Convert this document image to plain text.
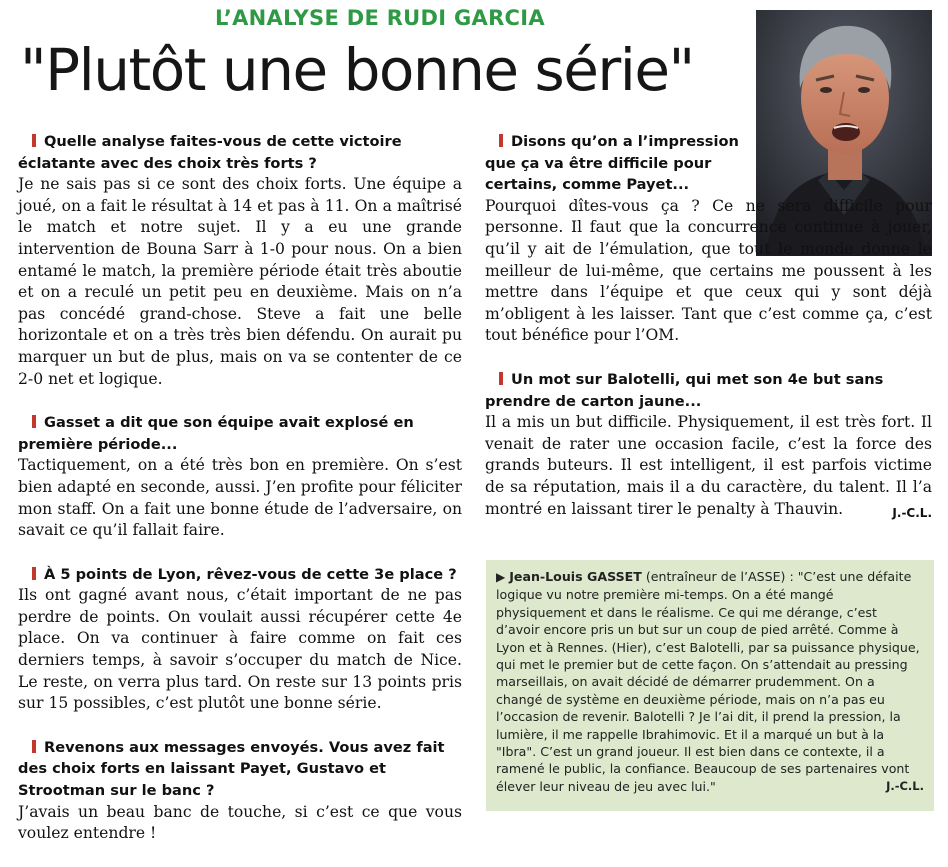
L’ANALYSE DE RUDI GARCIA
"Plutôt une bonne série"

Quelle analyse faites-vous de cette victoire éclatante avec des choix très forts ?

Je ne sais pas si ce sont des choix forts. Une équipe a joué, on a fait le résultat à 14 et pas à 11. On a maîtrisé le match et notre sujet. Il y a eu une grande intervention de Bouna Sarr à 1-0 pour nous. On a bien entamé le match, la première période était très aboutie et on a reculé un petit peu en deuxième. Mais on n’a pas concédé grand-chose. Steve a fait une belle horizontale et on a très très bien défendu. On aurait pu marquer un but de plus, mais on va se contenter de ce 2-0 net et logique.

Gasset a dit que son équipe avait explosé en première période...

Tactiquement, on a été très bon en première. On s’est bien adapté en seconde, aussi. J’en profite pour féliciter mon staff. On a fait une bonne étude de l’adversaire, on savait ce qu’il fallait faire.

À 5 points de Lyon, rêvez-vous de cette 3e place ?

Ils ont gagné avant nous, c’était important de ne pas perdre de points. On voulait aussi récupérer cette 4e place. On va continuer à faire comme on fait ces derniers temps, à savoir s’occuper du match de Nice. Le reste, on verra plus tard. On reste sur 13 points pris sur 15 possibles, c’est plutôt une bonne série.

Revenons aux messages envoyés. Vous avez fait des choix forts en laissant Payet, Gustavo et Strootman sur le banc ?

J’avais un beau banc de touche, si c’est ce que vous voulez entendre !

Disons qu’on a l’impression que ça va être difficile pour certains, comme Payet...

Pourquoi dîtes-vous ça ? Ce ne sera difficile pour personne. Il faut que la concurrence continue à jouer, qu’il y ait de l’émulation, que tout le monde donne le meilleur de lui-même, que certains me poussent à les mettre dans l’équipe et que ceux qui y sont déjà m’obligent à les laisser. Tant que c’est comme ça, c’est tout bénéfice pour l’OM.

Un mot sur Balotelli, qui met son 4e but sans prendre de carton jaune...

Il a mis un but difficile. Physiquement, il est très fort. Il venait de rater une occasion facile, c’est la force des grands buteurs. Il est intelligent, il est parfois victime de sa réputation, mais il a du caractère, du talent. Il l’a montré en laissant tirer le penalty à Thauvin.	J.-C.L.

▶ Jean-Louis GASSET (entraîneur de l’ASSE) : "C’est une défaite logique vu notre première mi-temps. On a été mangé physiquement et dans le réalisme. Ce qui me dérange, c’est d’avoir encore pris un but sur un coup de pied arrêté. Comme à Lyon et à Rennes. (Hier), c’est Balotelli, par sa puissance physique, qui met le premier but de cette façon. On s’attendait au pressing marseillais, on avait décidé de démarrer prudemment. On a changé de système en deuxième période, mais on n’a pas eu l’occasion de revenir. Balotelli ? Je l’ai dit, il prend la pression, la lumière, il me rappelle Ibrahimovic. Et il a marqué un but à la "Ibra". C’est un grand joueur. Il est bien dans ce contexte, il a ramené le public, la confiance. Beaucoup de ses partenaires vont élever leur niveau de jeu avec lui."	J.-C.L.
